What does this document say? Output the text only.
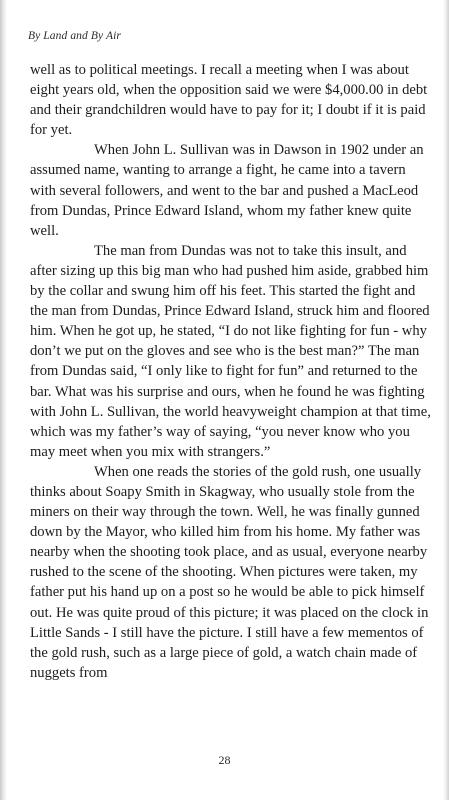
By Land and By Air

well as to political meetings. I recall a meeting when I was about eight years old, when the opposition said we were $4,000.00 in debt and their grandchildren would have to pay for it; I doubt if it is paid for yet.

When John L. Sullivan was in Dawson in 1902 under an assumed name, wanting to arrange a fight, he came into a tavern with several followers, and went to the bar and pushed a MacLeod from Dundas, Prince Edward Island, whom my father knew quite well.

The man from Dundas was not to take this insult, and after sizing up this big man who had pushed him aside, grabbed him by the collar and swung him off his feet. This started the fight and the man from Dundas, Prince Edward Island, struck him and floored him. When he got up, he stated, “I do not like fighting for fun - why don’t we put on the gloves and see who is the best man?” The man from Dundas said, “I only like to fight for fun” and returned to the bar. What was his surprise and ours, when he found he was fighting with John L. Sullivan, the world heavyweight champion at that time, which was my father’s way of saying, “you never know who you may meet when you mix with strangers.”

When one reads the stories of the gold rush, one usually thinks about Soapy Smith in Skagway, who usually stole from the miners on their way through the town. Well, he was finally gunned down by the Mayor, who killed him from his home. My father was nearby when the shooting took place, and as usual, everyone nearby rushed to the scene of the shooting. When pictures were taken, my father put his hand up on a post so he would be able to pick himself out. He was quite proud of this picture; it was placed on the clock in Little Sands - I still have the picture. I still have a few mementos of the gold rush, such as a large piece of gold, a watch chain made of nuggets from

28
